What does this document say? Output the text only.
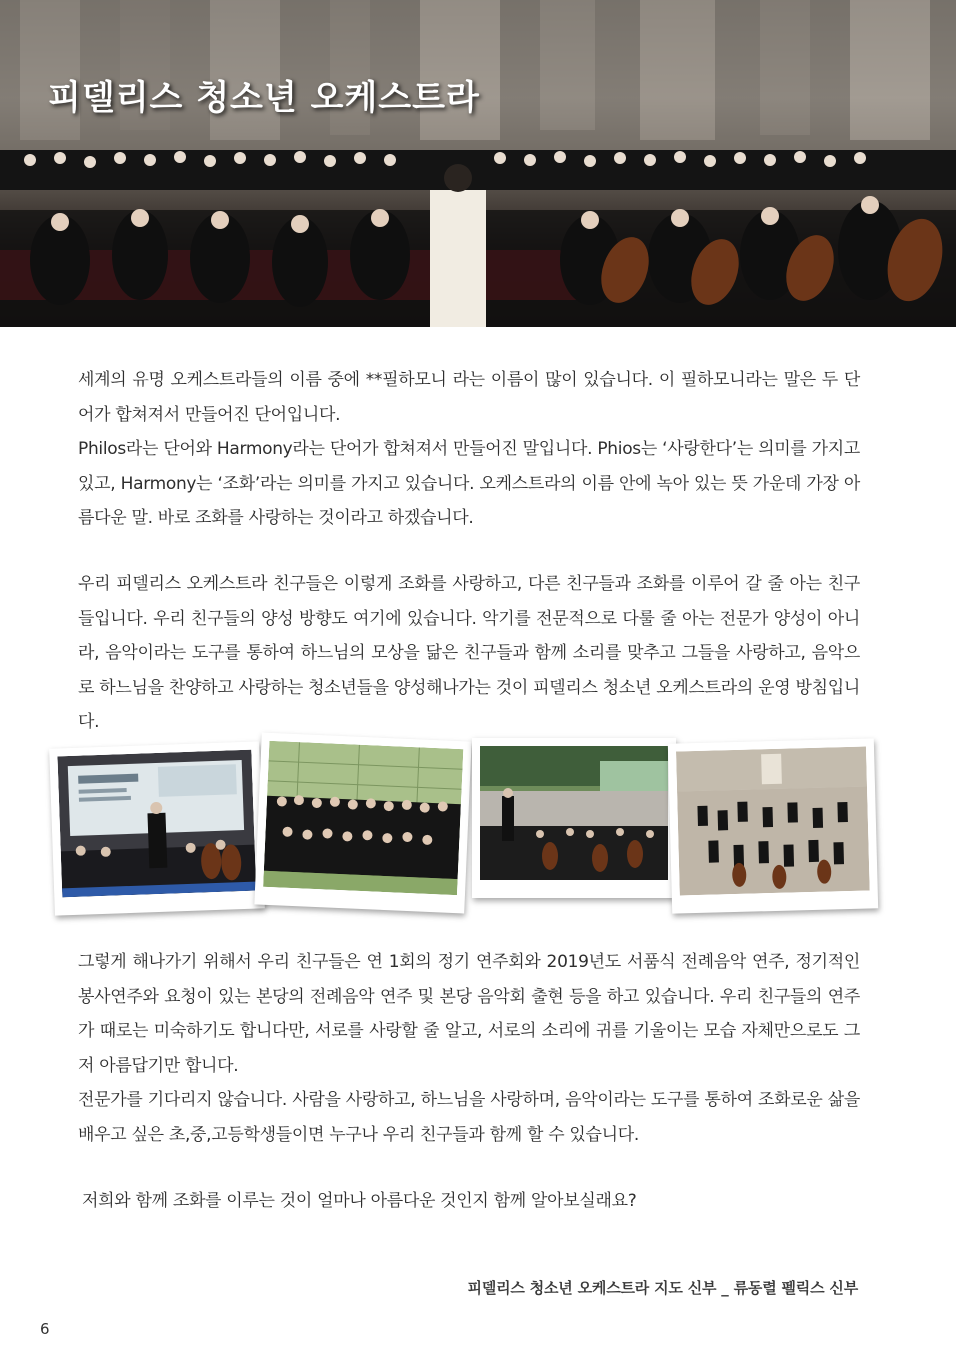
피델리스 청소년 오케스트라

세계의 유명 오케스트라들의 이름 중에 **필하모니 라는 이름이 많이 있습니다. 이 필하모니라는 말은 두 단어가 합쳐져서 만들어진 단어입니다.

Philos라는 단어와 Harmony라는 단어가 합쳐져서 만들어진 말입니다. Phios는 ‘사랑한다’는 의미를 가지고 있고, Harmony는 ‘조화’라는 의미를 가지고 있습니다. 오케스트라의 이름 안에 녹아 있는 뜻 가운데 가장 아름다운 말. 바로 조화를 사랑하는 것이라고 하겠습니다.

우리 피델리스 오케스트라 친구들은 이렇게 조화를 사랑하고, 다른 친구들과 조화를 이루어 갈 줄 아는 친구들입니다. 우리 친구들의 양성 방향도 여기에 있습니다. 악기를 전문적으로 다룰 줄 아는 전문가 양성이 아니라, 음악이라는 도구를 통하여 하느님의 모상을 닮은 친구들과 함께 소리를 맞추고 그들을 사랑하고, 음악으로 하느님을 찬양하고 사랑하는 청소년들을 양성해나가는 것이 피델리스 청소년 오케스트라의 운영 방침입니다.

그렇게 해나가기 위해서 우리 친구들은 연 1회의 정기 연주회와 2019년도 서품식 전례음악 연주, 정기적인 봉사연주와 요청이 있는 본당의 전례음악 연주 및 본당 음악회 출현 등을 하고 있습니다. 우리 친구들의 연주가 때로는 미숙하기도 합니다만, 서로를 사랑할 줄 알고, 서로의 소리에 귀를 기울이는 모습 자체만으로도 그저 아름답기만 합니다.

전문가를 기다리지 않습니다. 사람을 사랑하고, 하느님을 사랑하며, 음악이라는 도구를 통하여 조화로운 삶을 배우고 싶은 초,중,고등학생들이면 누구나 우리 친구들과 함께 할 수 있습니다.

저희와 함께 조화를 이루는 것이 얼마나 아름다운 것인지 함께 알아보실래요?

피델리스 청소년 오케스트라 지도 신부 _ 류동렬 펠릭스 신부
6
